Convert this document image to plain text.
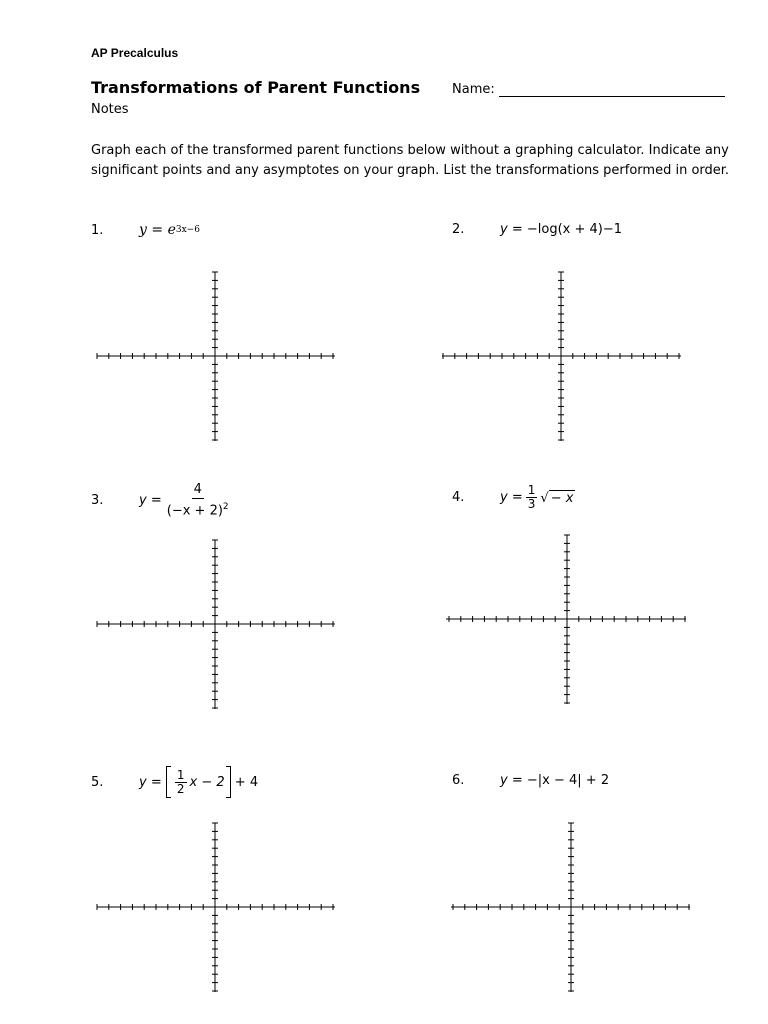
AP Precalculus
Transformations of Parent Functions
Notes
Name:
Graph each of the transformed parent functions below without a graphing calculator. Indicate any significant points and any asymptotes on your graph. List the transformations performed in order.
1.	y
=
e 3x−6	2.	y
=
−log(x + 4)−1
3.	y
= $\frac{4}{(-x + 2)^2}$	4.	y
= $\frac{1}{3}$ √ − x
5.	y
=
$\frac{1}{2}$ x − 2
+ 4	6.	y
=
−|x − 4| + 2
